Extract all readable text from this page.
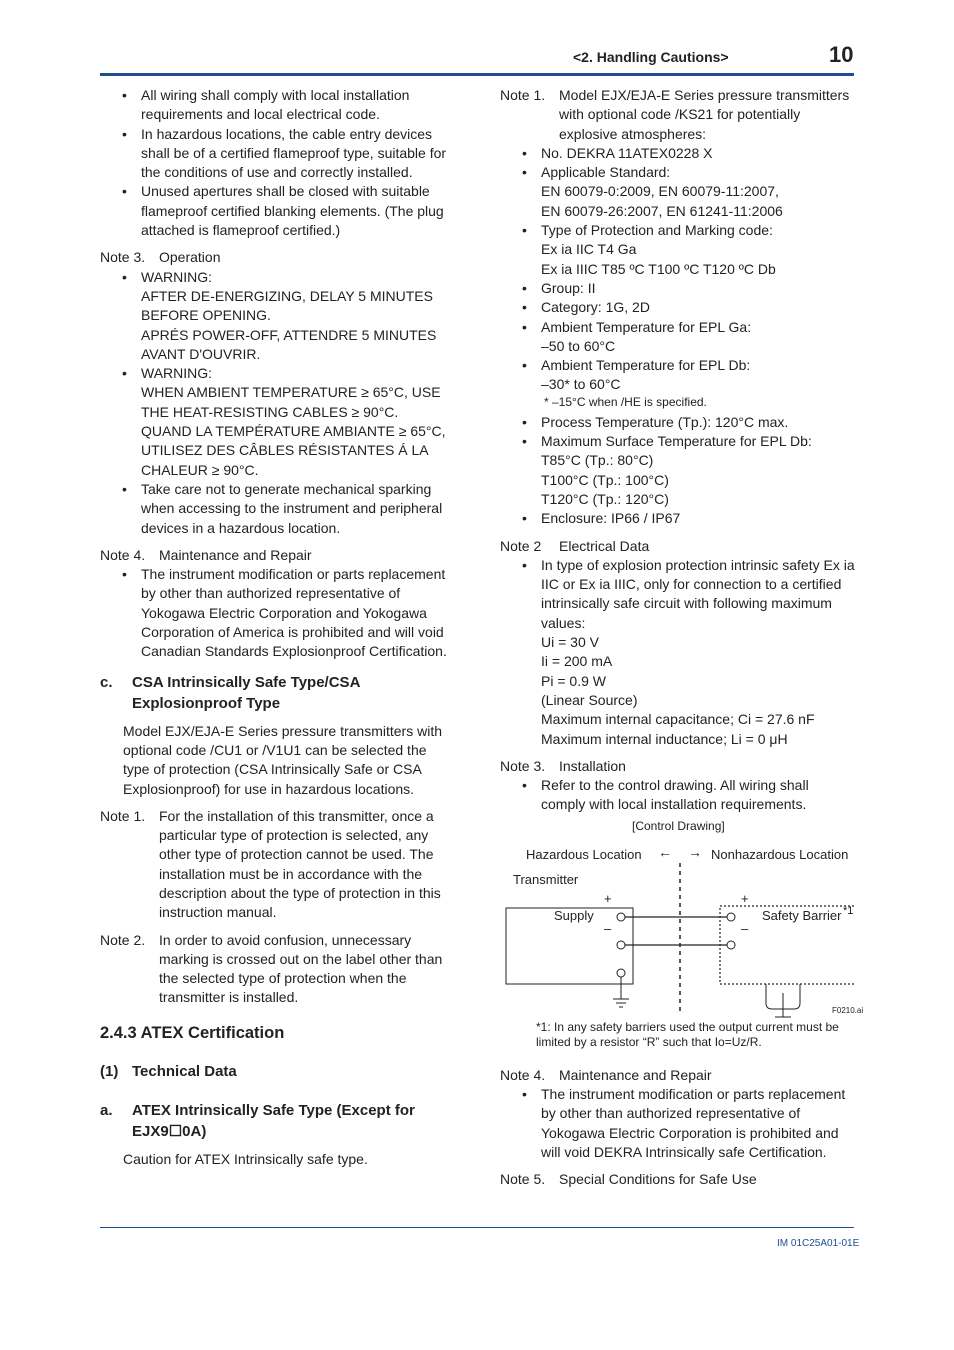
<2. Handling Cautions>	10

• All wiring shall comply with local installation requirements and local electrical code.

• In hazardous locations, the cable entry devices shall be of a certified flameproof type, suitable for the conditions of use and correctly installed.

• Unused apertures shall be closed with suitable flameproof certified blanking elements. (The plug attached is flameproof certified.)

Note 3. Operation

• WARNING:

AFTER DE-ENERGIZING, DELAY 5 MINUTES BEFORE OPENING.

APRÉS POWER-OFF, ATTENDRE 5 MINUTES AVANT D'OUVRIR.

• WARNING:

WHEN AMBIENT TEMPERATURE ≥ 65°C, USE THE HEAT-RESISTING CABLES ≥ 90°C.

QUAND LA TEMPÉRATURE AMBIANTE ≥ 65°C, UTILISEZ DES CÂBLES RÉSISTANTES Á LA CHALEUR ≥ 90°C.

• Take care not to generate mechanical sparking when accessing to the instrument and peripheral devices in a hazardous location.

Note 4. Maintenance and Repair

• The instrument modification or parts replacement by other than authorized representative of Yokogawa Electric Corporation and Yokogawa Corporation of America is prohibited and will void Canadian Standards Explosionproof Certification.

c. CSA Intrinsically Safe Type/CSA Explosionproof Type

Model EJX/EJA-E Series pressure transmitters with optional code /CU1 or /V1U1 can be selected the type of protection (CSA Intrinsically Safe or CSA Explosionproof) for use in hazardous locations.

Note 1. For the installation of this transmitter, once a particular type of protection is selected, any other type of protection cannot be used. The installation must be in accordance with the description about the type of protection in this instruction manual.

Note 2. In order to avoid confusion, unnecessary marking is crossed out on the label other than the selected type of protection when the transmitter is installed.

2.4.3 ATEX Certification

(1) Technical Data

a. ATEX Intrinsically Safe Type (Except for EJX9☐0A)

Caution for ATEX Intrinsically safe type.

Note 1. Model EJX/EJA-E Series pressure transmitters with optional code /KS21 for potentially explosive atmospheres:

• No. DEKRA 11ATEX0228 X

• Applicable Standard:

EN 60079-0:2009, EN 60079-11:2007,

EN 60079-26:2007, EN 61241-11:2006

• Type of Protection and Marking code:

Ex ia IIC T4 Ga

Ex ia IIIC T85 ºC T100 ºC T120 ºC Db

• Group: II

• Category: 1G, 2D

• Ambient Temperature for EPL Ga:

–50 to 60°C

• Ambient Temperature for EPL Db:

–30* to 60°C

* –15°C when /HE is specified.

• Process Temperature (Tp.): 120°C max.

• Maximum Surface Temperature for EPL Db:

T85°C (Tp.: 80°C)

T100°C (Tp.: 100°C)

T120°C (Tp.: 120°C)

• Enclosure: IP66 / IP67

Note 2 Electrical Data

• In type of explosion protection intrinsic safety Ex ia IIC or Ex ia IIIC, only for connection to a certified intrinsically safe circuit with following maximum values:

Ui = 30 V

Ii = 200 mA

Pi = 0.9 W

(Linear Source)

Maximum internal capacitance; Ci = 27.6 nF

Maximum internal inductance; Li = 0 μH

Note 3. Installation

• Refer to the control drawing. All wiring shall comply with local installation requirements.

[Control Drawing]
Hazardous Location ← → Nonhazardous Location
Transmitter
Supply
+
–
+
–
Safety Barrier *1
F0210.ai

*1: In any safety barriers used the output current must be limited by a resistor “R” such that Io=Uz/R.

Note 4. Maintenance and Repair

• The instrument modification or parts replacement by other than authorized representative of Yokogawa Electric Corporation is prohibited and will void DEKRA Intrinsically safe Certification.

Note 5. Special Conditions for Safe Use

IM 01C25A01-01E
